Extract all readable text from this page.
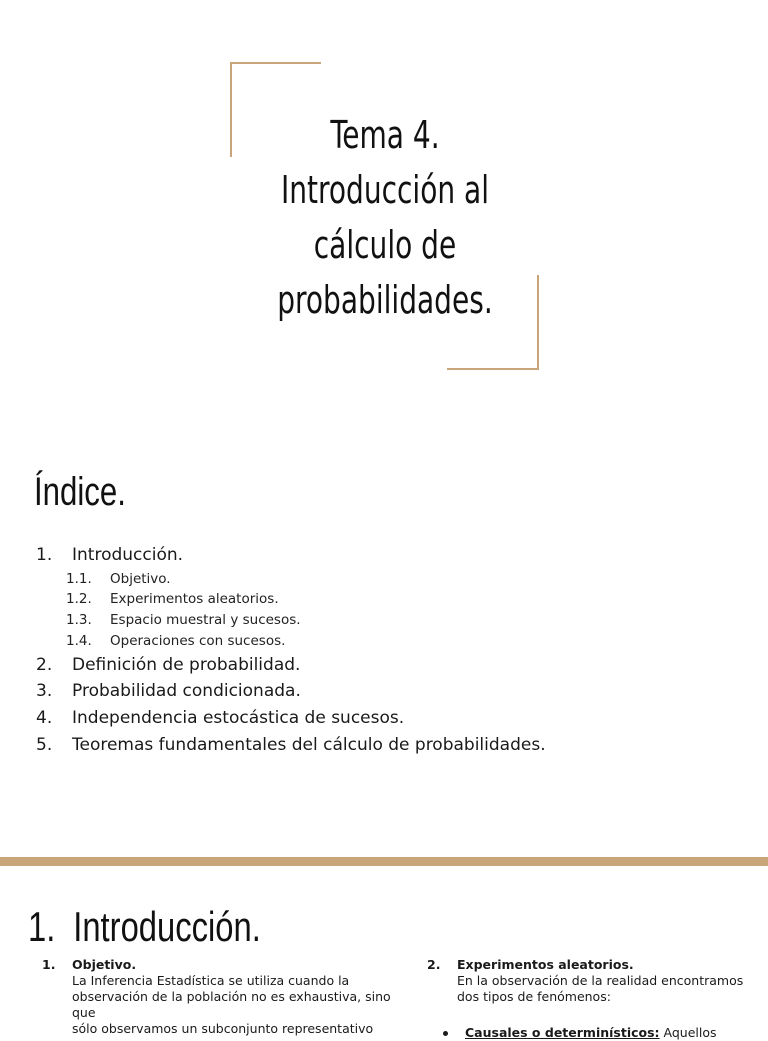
Tema 4.
Introducción al
cálculo de
probabilidades.
Índice.
1.	Introducción.
1.1.	Objetivo.
1.2.	Experimentos aleatorios.
1.3.	Espacio muestral y sucesos.
1.4.	Operaciones con sucesos.
2.	Definición de probabilidad.
3.	Probabilidad condicionada.
4.	Independencia estocástica de sucesos.
5.	Teoremas fundamentales del cálculo de probabilidades.
1. Introducción.
1.	Objetivo.
La Inferencia Estadística se utiliza cuando la
observación de la población no es exhaustiva, sino que
sólo observamos un subconjunto representativo
2.	Experimentos aleatorios.
En la observación de la realidad encontramos
dos tipos de fenómenos:
Causales o determinísticos: Aquellos
